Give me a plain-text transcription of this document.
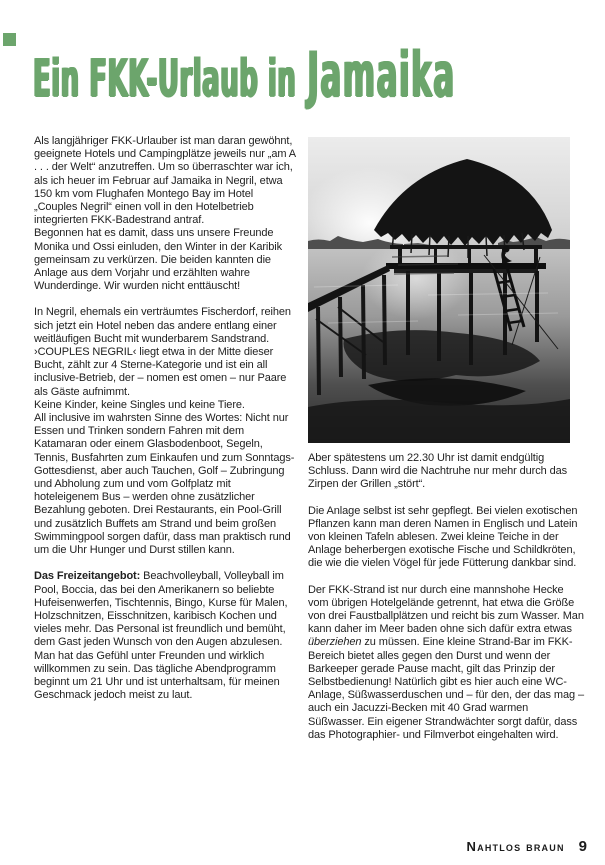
Ein FKK-Urlaub in Jamaika

Als langjähriger FKK-Urlauber ist man daran gewöhnt, geeignete Hotels und Campingplätze jeweils nur „am A . . . der Welt“ anzutreffen. Um so überraschter war ich, als ich heuer im Februar auf Jamaika in Negril, etwa 150 km vom Flughafen Montego Bay im Hotel „Couples Negril“ einen voll in den Hotelbetrieb integrierten FKK-Badestrand antraf.

Begonnen hat es damit, dass uns unsere Freunde Monika und Ossi einluden, den Winter in der Karibik gemeinsam zu verkürzen. Die beiden kannten die Anlage aus dem Vorjahr und erzählten wahre Wunderdinge. Wir wurden nicht enttäuscht!

In Negril, ehemals ein verträumtes Fischerdorf, reihen sich jetzt ein Hotel neben das andere entlang einer weitläufigen Bucht mit wunderbarem Sandstrand. ›COUPLES NEGRIL‹ liegt etwa in der Mitte dieser Bucht, zählt zur 4 Sterne-Kategorie und ist ein all inclusive-Betrieb, der – nomen est omen – nur Paare als Gäste aufnimmt.

Keine Kinder, keine Singles und keine Tiere.

All inclusive im wahrsten Sinne des Wortes: Nicht nur Essen und Trinken sondern Fahren mit dem Katamaran oder einem Glasbodenboot, Segeln, Tennis, Busfahrten zum Einkaufen und zum Sonntags-Gottesdienst, aber auch Tauchen, Golf – Zubringung und Abholung zum und vom Golfplatz mit hoteleigenem Bus – werden ohne zusätzlicher Bezahlung geboten. Drei Restaurants, ein Pool-Grill und zusätzlich Buffets am Strand und beim großen Swimmingpool sorgen dafür, dass man praktisch rund um die Uhr Hunger und Durst stillen kann.

Das Freizeitangebot: Beachvolleyball, Volleyball im Pool, Boccia, das bei den Amerikanern so beliebte Hufeisenwerfen, Tischtennis, Bingo, Kurse für Malen, Holzschnitzen, Eisschnitzen, karibisch Kochen und vieles mehr. Das Personal ist freundlich und bemüht, dem Gast jeden Wunsch von den Augen abzulesen. Man hat das Gefühl unter Freunden und wirklich willkommen zu sein. Das tägliche Abendprogramm beginnt um 21 Uhr und ist unterhaltsam, für meinen Geschmack jedoch meist zu laut.

Aber spätestens um 22.30 Uhr ist damit endgültig Schluss. Dann wird die Nachtruhe nur mehr durch das Zirpen der Grillen „stört“.

Die Anlage selbst ist sehr gepflegt. Bei vielen exotischen Pflanzen kann man deren Namen in Englisch und Latein von kleinen Tafeln ablesen. Zwei kleine Teiche in der Anlage beherbergen exotische Fische und Schildkröten, die wie die vielen Vögel für jede Fütterung dankbar sind.

Der FKK-Strand ist nur durch eine mannshohe Hecke vom übrigen Hotelgelände getrennt, hat etwa die Größe von drei Faustballplätzen und reicht bis zum Wasser. Man kann daher im Meer baden ohne sich dafür extra etwas überziehen zu müssen. Eine kleine Strand-Bar im FKK-Bereich bietet alles gegen den Durst und wenn der Barkeeper gerade Pause macht, gilt das Prinzip der Selbstbedienung! Natürlich gibt es hier auch eine WC-Anlage, Süßwasserduschen und – für den, der das mag – auch ein Jacuzzi-Becken mit 40 Grad warmen Süßwasser. Ein eigener Strandwächter sorgt dafür, dass das Photographier- und Filmverbot eingehalten wird.

Nahtlos braun 9
